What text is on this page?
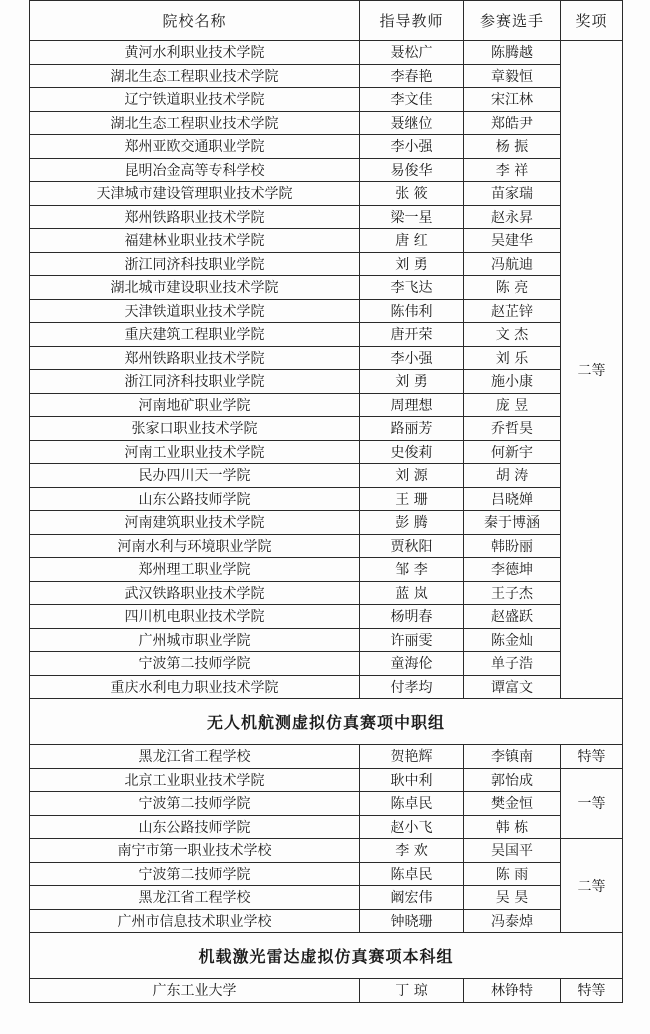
院校名称	指导教师	参赛选手	奖项
黄河水利职业技术学院	聂松广	陈腾越	二等
湖北生态工程职业技术学院	李春艳	章毅恒	
辽宁铁道职业技术学院	李文佳	宋江林	
湖北生态工程职业技术学院	聂继位	郑皓尹	
郑州亚欧交通职业学院	李小强	杨 振	
昆明冶金高等专科学校	易俊华	李 祥	
天津城市建设管理职业技术学院	张 筱	苗家瑞	
郑州铁路职业技术学院	梁一星	赵永昇	
福建林业职业技术学院	唐 红	吴建华	
浙江同济科技职业学院	刘 勇	冯航迪	
湖北城市建设职业技术学院	李飞达	陈 亮	
天津铁道职业技术学院	陈伟利	赵芷锌	
重庆建筑工程职业学院	唐开荣	文 杰	
郑州铁路职业技术学院	李小强	刘 乐	
浙江同济科技职业学院	刘 勇	施小康	
河南地矿职业学院	周理想	庞 昱	
张家口职业技术学院	路丽芳	乔哲昊	
河南工业职业技术学院	史俊莉	何新宇	
民办四川天一学院	刘 源	胡 涛	
山东公路技师学院	王 珊	吕晓婵	
河南建筑职业技术学院	彭 腾	秦于博涵	
河南水利与环境职业学院	贾秋阳	韩盼丽	
郑州理工职业学院	邹 李	李德坤	
武汉铁路职业技术学院	蓝 岚	王子杰	
四川机电职业技术学院	杨明春	赵盛跃	
广州城市职业学院	许丽雯	陈金灿	
宁波第二技师学院	童海伦	单子浩	
重庆水利电力职业技术学院	付孝均	谭富文	
无人机航测虚拟仿真赛项中职组			
黑龙江省工程学校	贺艳辉	李镇南	特等
北京工业职业技术学院	耿中利	郭怡成	一等
宁波第二技师学院	陈卓民	樊金恒	
山东公路技师学院	赵小飞	韩 栋	
南宁市第一职业技术学校	李 欢	吴国平	二等
宁波第二技师学院	陈卓民	陈 雨	
黑龙江省工程学校	阚宏伟	吴 昊	
广州市信息技术职业学校	钟晓珊	冯泰焯	
机载激光雷达虚拟仿真赛项本科组			
广东工业大学	丁 琼	林铮特	特等
